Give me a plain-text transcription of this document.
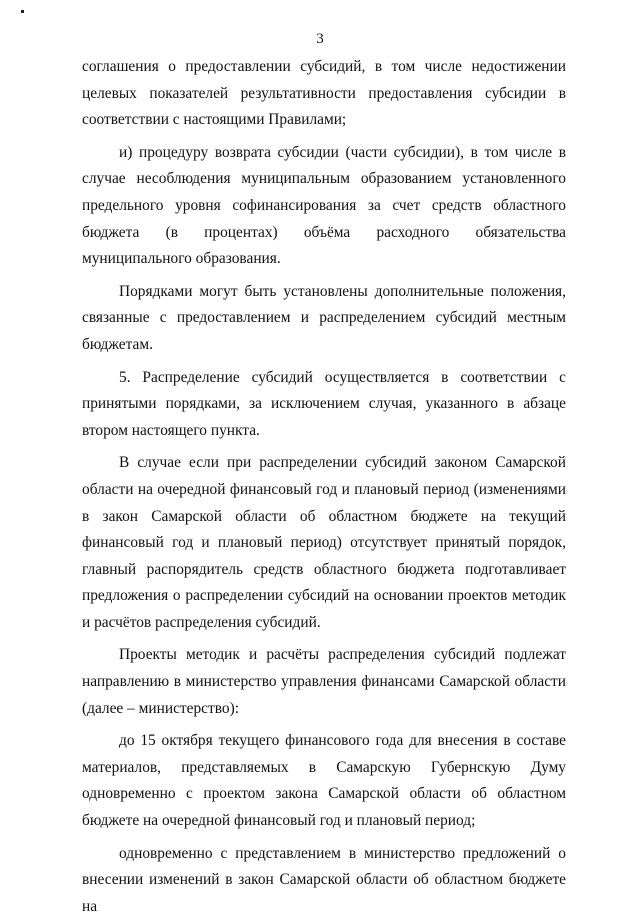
3

соглашения о предоставлении субсидий, в том числе недостижении целевых показателей результативности предоставления субсидии в соответствии с настоящими Правилами;

и) процедуру возврата субсидии (части субсидии), в том числе в случае несоблюдения муниципальным образованием установленного предельного уровня софинансирования за счет средств областного бюджета (в процентах) объёма расходного обязательства муниципального образования.

Порядками могут быть установлены дополнительные положения, связанные с предоставлением и распределением субсидий местным бюджетам.

5. Распределение субсидий осуществляется в соответствии с принятыми порядками, за исключением случая, указанного в абзаце втором настоящего пункта.

В случае если при распределении субсидий законом Самарской области на очередной финансовый год и плановый период (изменениями в закон Самарской области об областном бюджете на текущий финансовый год и плановый период) отсутствует принятый порядок, главный распорядитель средств областного бюджета подготавливает предложения о распределении субсидий на основании проектов методик и расчётов распределения субсидий.

Проекты методик и расчёты распределения субсидий подлежат направлению в министерство управления финансами Самарской области (далее – министерство):

до 15 октября текущего финансового года для внесения в составе материалов, представляемых в Самарскую Губернскую Думу одновременно с проектом закона Самарской области об областном бюджете на очередной финансовый год и плановый период;

одновременно с представлением в министерство предложений о внесении изменений в закон Самарской области об областном бюджете на
